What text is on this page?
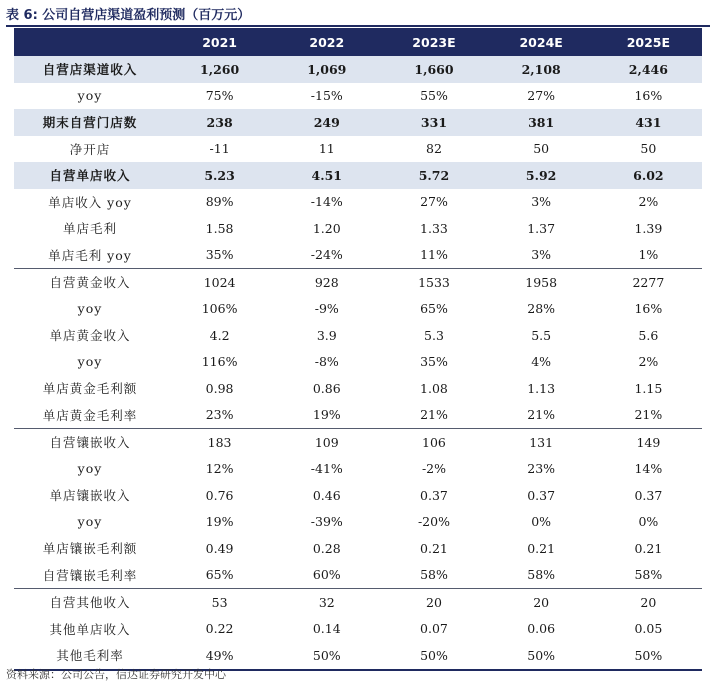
表 6: 公司自营店渠道盈利预测（百万元）
	2021	2022	2023E	2024E	2025E
自营店渠道收入	1,260	1,069	1,660	2,108	2,446
yoy	75%	-15%	55%	27%	16%
期末自营门店数	238	249	331	381	431
净开店	-11	11	82	50	50
自营单店收入	5.23	4.51	5.72	5.92	6.02
单店收入 yoy	89%	-14%	27%	3%	2%
单店毛利	1.58	1.20	1.33	1.37	1.39
单店毛利 yoy	35%	-24%	11%	3%	1%
自营黄金收入	1024	928	1533	1958	2277
yoy	106%	-9%	65%	28%	16%
单店黄金收入	4.2	3.9	5.3	5.5	5.6
yoy	116%	-8%	35%	4%	2%
单店黄金毛利额	0.98	0.86	1.08	1.13	1.15
单店黄金毛利率	23%	19%	21%	21%	21%
自营镶嵌收入	183	109	106	131	149
yoy	12%	-41%	-2%	23%	14%
单店镶嵌收入	0.76	0.46	0.37	0.37	0.37
yoy	19%	-39%	-20%	0%	0%
单店镶嵌毛利额	0.49	0.28	0.21	0.21	0.21
自营镶嵌毛利率	65%	60%	58%	58%	58%
自营其他收入	53	32	20	20	20
其他单店收入	0.22	0.14	0.07	0.06	0.05
其他毛利率	49%	50%	50%	50%	50%
资料来源：公司公告，信达证券研究开发中心
